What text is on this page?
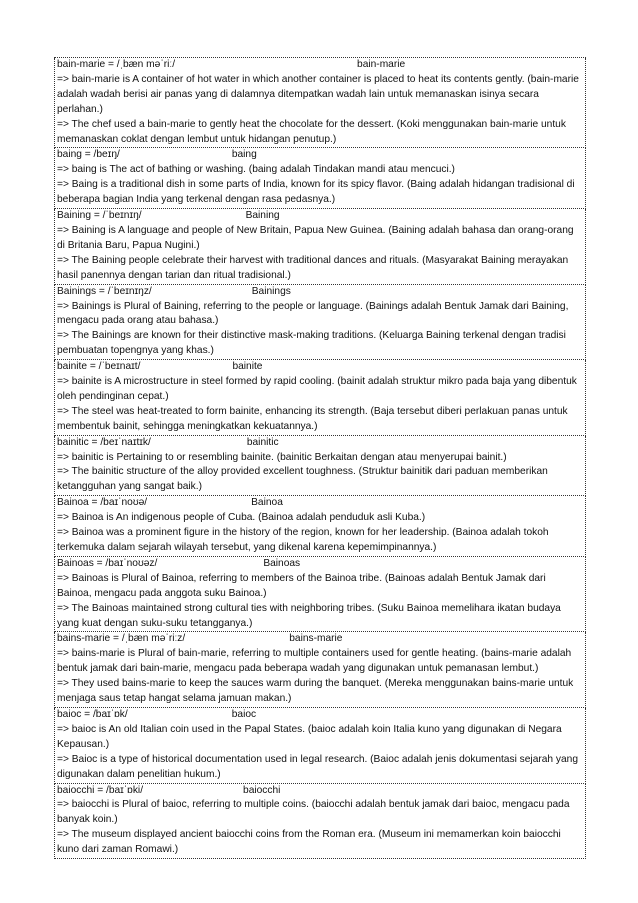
bain-marie = /ˌbæn məˈriː/	bain-marie
=> bain-marie is A container of hot water in which another container is placed to heat its contents gently. (bain-marie adalah wadah berisi air panas yang di dalamnya ditempatkan wadah lain untuk memanaskan isinya secara perlahan.)
=> The chef used a bain-marie to gently heat the chocolate for the dessert. (Koki menggunakan bain-marie untuk memanaskan coklat dengan lembut untuk hidangan penutup.)
baing = /beɪŋ/	baing
=> baing is The act of bathing or washing. (baing adalah Tindakan mandi atau mencuci.)
=> Baing is a traditional dish in some parts of India, known for its spicy flavor. (Baing adalah hidangan tradisional di beberapa bagian India yang terkenal dengan rasa pedasnya.)
Baining = /ˈbeɪnɪŋ/	Baining
=> Baining is A language and people of New Britain, Papua New Guinea. (Baining adalah bahasa dan orang-orang di Britania Baru, Papua Nugini.)
=> The Baining people celebrate their harvest with traditional dances and rituals. (Masyarakat Baining merayakan hasil panennya dengan tarian dan ritual tradisional.)
Bainings = /ˈbeɪnɪŋz/	Bainings
=> Bainings is Plural of Baining, referring to the people or language. (Bainings adalah Bentuk Jamak dari Baining, mengacu pada orang atau bahasa.)
=> The Bainings are known for their distinctive mask-making traditions. (Keluarga Baining terkenal dengan tradisi pembuatan topengnya yang khas.)
bainite = /ˈbeɪnaɪt/	bainite
=> bainite is A microstructure in steel formed by rapid cooling. (bainit adalah struktur mikro pada baja yang dibentuk oleh pendinginan cepat.)
=> The steel was heat-treated to form bainite, enhancing its strength. (Baja tersebut diberi perlakuan panas untuk membentuk bainit, sehingga meningkatkan kekuatannya.)
bainitic = /beɪˈnaɪtɪk/	bainitic
=> bainitic is Pertaining to or resembling bainite. (bainitic Berkaitan dengan atau menyerupai bainit.)
=> The bainitic structure of the alloy provided excellent toughness. (Struktur bainitik dari paduan memberikan ketangguhan yang sangat baik.)
Bainoa = /baɪˈnoʊə/	Bainoa
=> Bainoa is An indigenous people of Cuba. (Bainoa adalah penduduk asli Kuba.)
=> Bainoa was a prominent figure in the history of the region, known for her leadership. (Bainoa adalah tokoh terkemuka dalam sejarah wilayah tersebut, yang dikenal karena kepemimpinannya.)
Bainoas = /baɪˈnoʊəz/	Bainoas
=> Bainoas is Plural of Bainoa, referring to members of the Bainoa tribe. (Bainoas adalah Bentuk Jamak dari Bainoa, mengacu pada anggota suku Bainoa.)
=> The Bainoas maintained strong cultural ties with neighboring tribes. (Suku Bainoa memelihara ikatan budaya yang kuat dengan suku-suku tetangganya.)
bains-marie = /ˌbæn məˈriːz/	bains-marie
=> bains-marie is Plural of bain-marie, referring to multiple containers used for gentle heating. (bains-marie adalah bentuk jamak dari bain-marie, mengacu pada beberapa wadah yang digunakan untuk pemanasan lembut.)
=> They used bains-marie to keep the sauces warm during the banquet. (Mereka menggunakan bains-marie untuk menjaga saus tetap hangat selama jamuan makan.)
baioc = /baɪˈɒk/	baioc
=> baioc is An old Italian coin used in the Papal States. (baioc adalah koin Italia kuno yang digunakan di Negara Kepausan.)
=> Baioc is a type of historical documentation used in legal research. (Baioc adalah jenis dokumentasi sejarah yang digunakan dalam penelitian hukum.)
baiocchi = /baɪˈɒki/	baiocchi
=> baiocchi is Plural of baioc, referring to multiple coins. (baiocchi adalah bentuk jamak dari baioc, mengacu pada banyak koin.)
=> The museum displayed ancient baiocchi coins from the Roman era. (Museum ini memamerkan koin baiocchi kuno dari zaman Romawi.)
